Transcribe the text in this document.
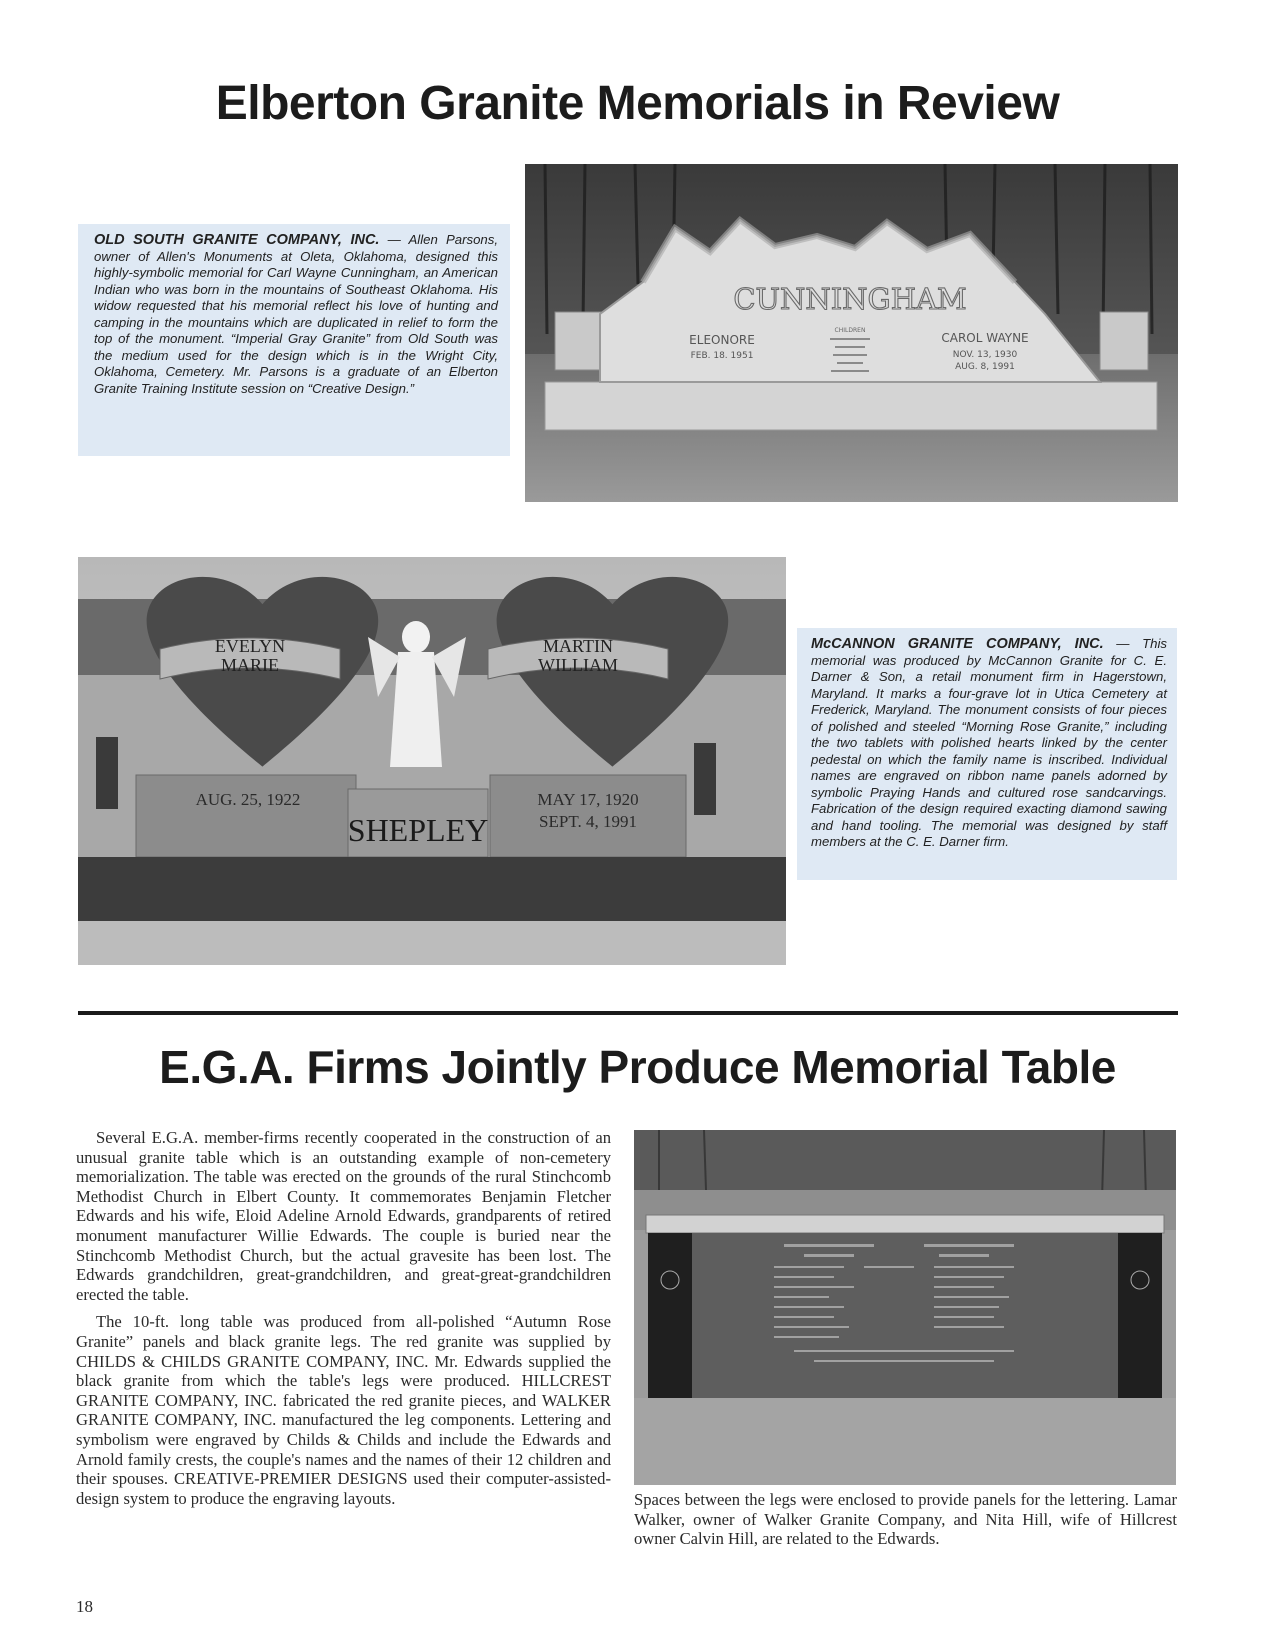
Elberton Granite Memorials in Review
OLD SOUTH GRANITE COMPANY, INC. — Allen Parsons, owner of Allen's Monuments at Oleta, Oklahoma, designed this highly-symbolic memorial for Carl Wayne Cunningham, an American Indian who was born in the mountains of Southeast Oklahoma. His widow requested that his memorial reflect his love of hunting and camping in the mountains which are duplicated in relief to form the top of the monument. “Imperial Gray Granite” from Old South was the medium used for the design which is in the Wright City, Oklahoma, Cemetery. Mr. Parsons is a graduate of an Elberton Granite Training Institute session on “Creative Design.”
CUNNINGHAM
ELEONORE
FEB. 18. 1951
CHILDREN
CAROL WAYNE
NOV. 13, 1930
AUG. 8, 1991
EVELYN
MARIE
MARTIN
WILLIAM
AUG. 25, 1922
SHEPLEY
MAY 17, 1920
SEPT. 4, 1991
McCANNON GRANITE COMPANY, INC. — This memorial was produced by McCannon Granite for C. E. Darner & Son, a retail monument firm in Hagerstown, Maryland. It marks a four-grave lot in Utica Cemetery at Frederick, Maryland. The monument consists of four pieces of polished and steeled “Morning Rose Granite,” including the two tablets with polished hearts linked by the center pedestal on which the family name is inscribed. Individual names are engraved on ribbon name panels adorned by symbolic Praying Hands and cultured rose sandcarvings. Fabrication of the design required exacting diamond sawing and hand tooling. The memorial was designed by staff members at the C. E. Darner firm.
E.G.A. Firms Jointly Produce Memorial Table

Several E.G.A. member-firms recently cooperated in the construction of an unusual granite table which is an outstanding example of non-cemetery memorialization. The table was erected on the grounds of the rural Stinchcomb Methodist Church in Elbert County. It commemorates Benjamin Fletcher Edwards and his wife, Eloid Adeline Arnold Edwards, grandparents of retired monument manufacturer Willie Edwards. The couple is buried near the Stinchcomb Methodist Church, but the actual gravesite has been lost. The Edwards grandchildren, great-grandchildren, and great-great-grandchildren erected the table.

The 10-ft. long table was produced from all-polished “Autumn Rose Granite” panels and black granite legs. The red granite was supplied by CHILDS & CHILDS GRANITE COMPANY, INC. Mr. Edwards supplied the black granite from which the table's legs were produced. HILLCREST GRANITE COMPANY, INC. fabricated the red granite pieces, and WALKER GRANITE COMPANY, INC. manufactured the leg components. Lettering and symbolism were engraved by Childs & Childs and include the Edwards and Arnold family crests, the couple's names and the names of their 12 children and their spouses. CREATIVE-PREMIER DESIGNS used their computer-assisted-design system to produce the engraving layouts.	Spaces between the legs were enclosed to provide panels for the lettering. Lamar Walker, owner of Walker Granite Company, and Nita Hill, wife of Hillcrest owner Calvin Hill, are related to the Edwards.

18
